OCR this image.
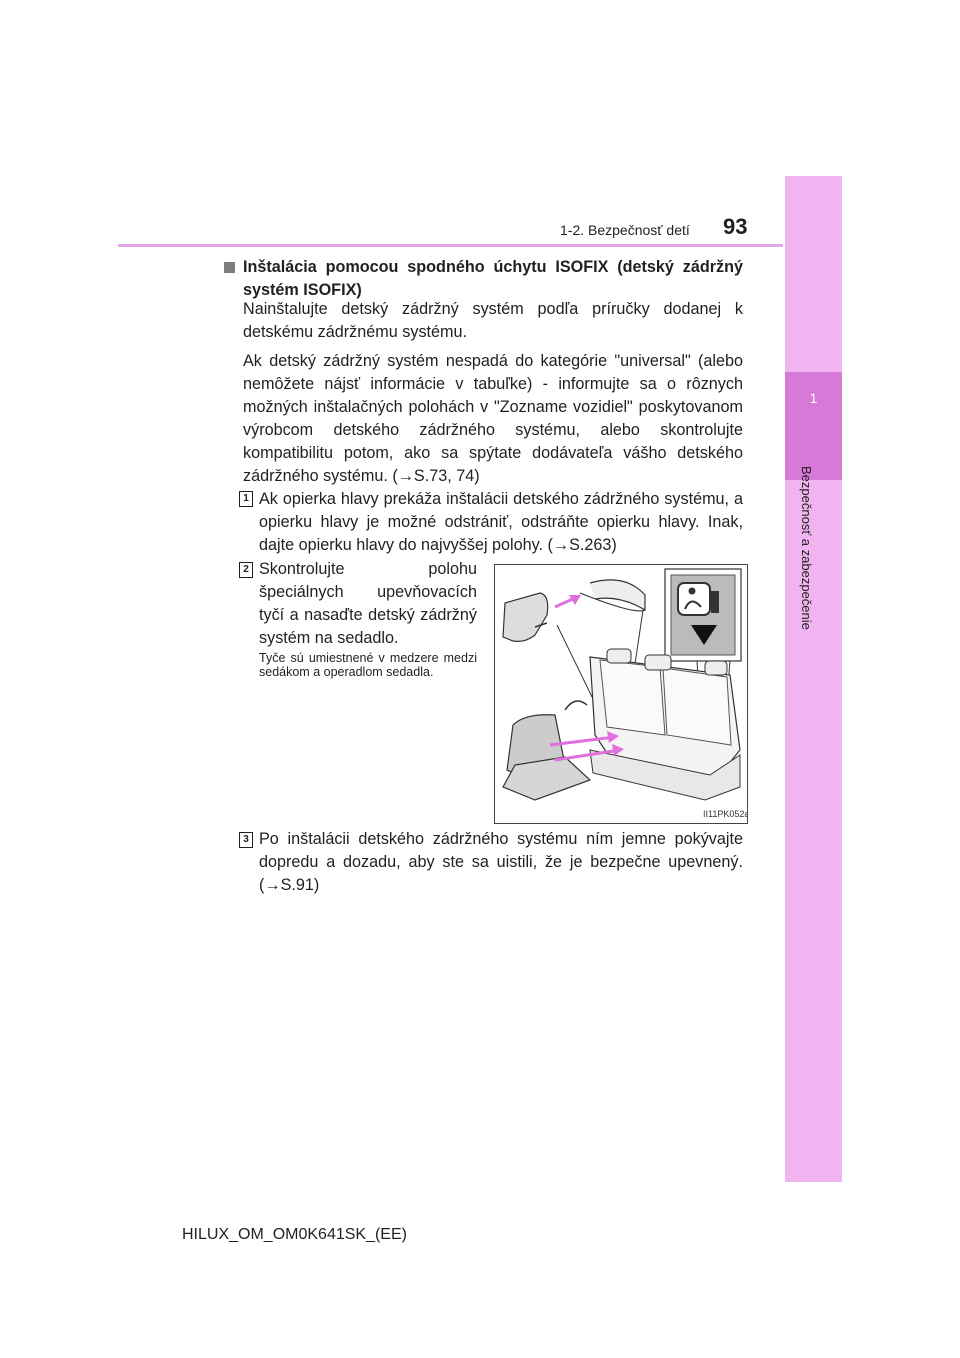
1
Bezpečnosť a zabezpečenie
1-2. Bezpečnosť detí 93

Inštalácia pomocou spodného úchytu ISOFIX (detský zádržný
systém ISOFIX)

Nainštalujte detský zádržný systém podľa príručky dodanej k detskému zádržnému systému.

Ak detský zádržný systém nespadá do kategórie "universal" (alebo nemôžete nájsť informácie v tabuľke) - informujte sa o rôznych možných inštalačných polohách v "Zozname vozidiel" poskytovanom výrobcom detského zádržného systému, alebo skontrolujte kompatibilitu potom, ako sa spýtate dodávateľa vášho detského zádržného systému. (→S.73, 74)

1 Ak opierka hlavy prekáža inštalácii detského zádržného systému, a opierku hlavy je možné odstrániť, odstráňte opierku hlavy. Inak, dajte opierku hlavy do najvyššej polohy. (→S.263)

2 Skontrolujte polohu špeciálnych upevňovacích tyčí a nasaďte detský zádržný systém na sedadlo.

Tyče sú umiestnené v medzere medzi sedákom a operadlom sedadla.

II11PK052a
3 Po inštalácii detského zádržného systému ním jemne pokývajte dopredu a dozadu, aby ste sa uistili, že je bezpečne upevnený. (→S.91)

HILUX_OM_OM0K641SK_(EE)
